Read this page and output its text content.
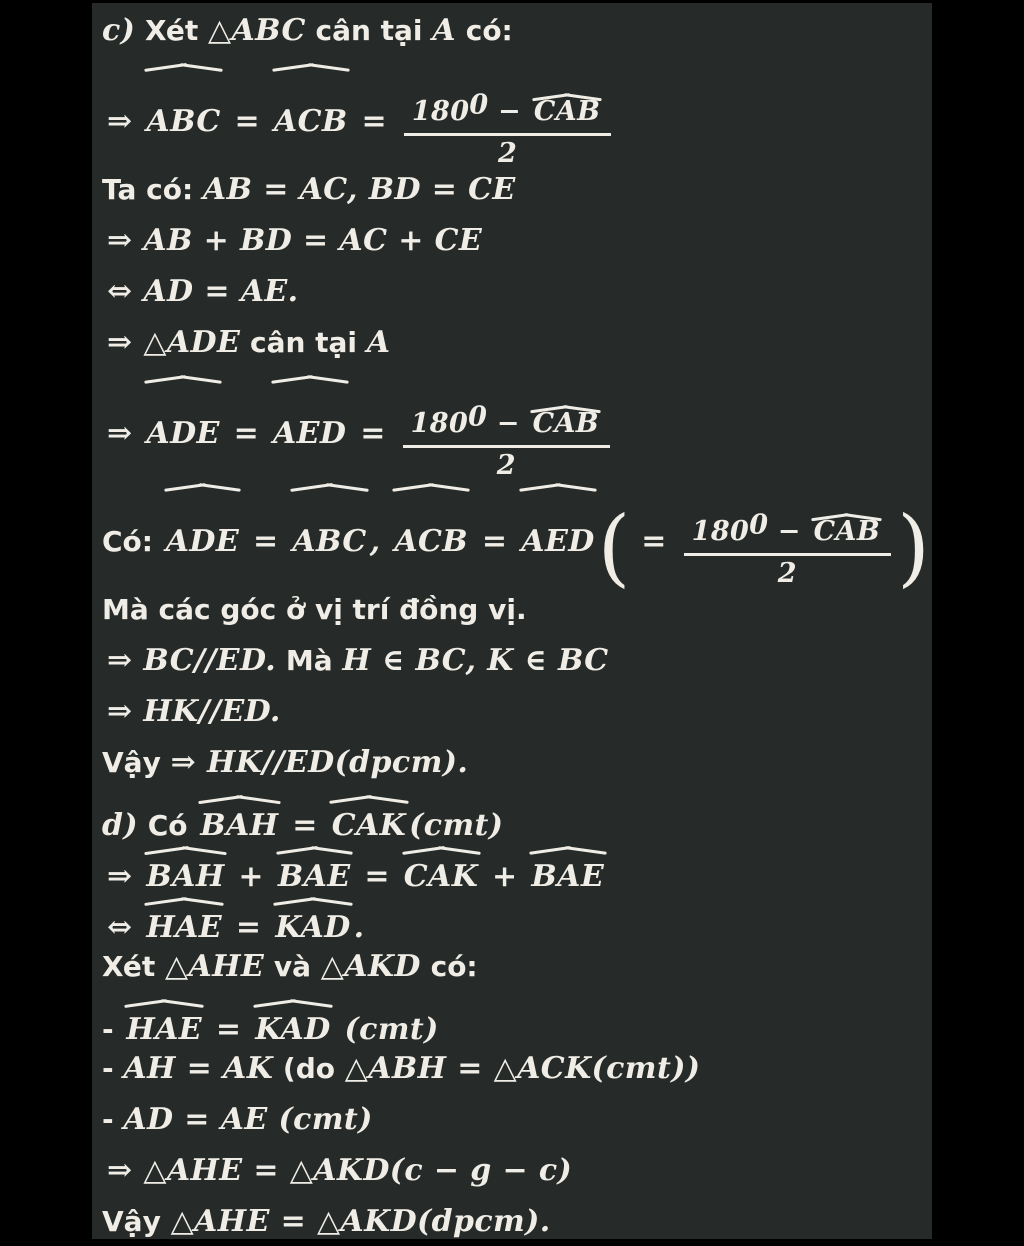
c) Xét △ABC cân tại A có:
⇒ ABC = ACB = $\frac{180^0 - CAB}{2}$
Ta có: AB = AC, BD = CE
⇒ AB + BD = AC + CE
⇔ AD = AE.
⇒ △ADE cân tại A
⇒ ADE = AED = $\frac{180^0 - CAB}{2}$
Có: ADE = ABC , ACB = $AED( = \frac{180^0 - CAB}{2}$ )
Mà các góc ở vị trí đồng vị.
⇒ BC//ED. Mà H ∈ BC, K ∈ BC
⇒ HK//ED.
Vậy ⇒ HK//ED(dpcm).
d) Có BAH = CAK (cmt)
⇒ BAH + BAE = CAK + BAE
⇔ HAE = KAD .
Xét △AHE và △AKD có:
- HAE = KAD (cmt)
- AH = AK (do △ABH = △ACK(cmt))
- AD = AE (cmt)
⇒ △AHE = △AKD(c − g − c)
Vậy △AHE = △AKD(dpcm).
